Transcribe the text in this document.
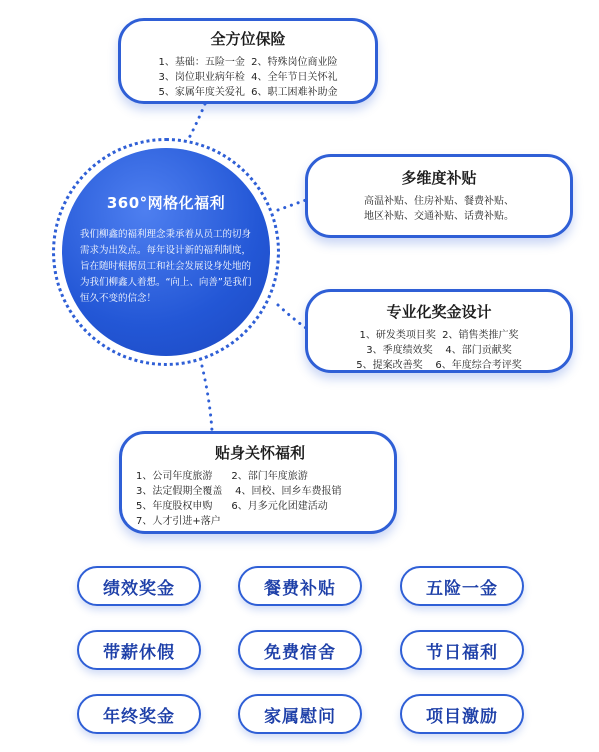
360°网格化福利
我们柳鑫的福利理念秉承着从员工的切身需求为出发点。每年设计新的福利制度，旨在随时根据员工和社会发展设身处地的为我们柳鑫人着想。“向上、向善”是我们恒久不变的信念！
全方位保险
1、基础：五险一金  2、特殊岗位商业险
3、岗位职业病年检  4、全年节日关怀礼
5、家属年度关爱礼  6、职工困难补助金
多维度补贴
高温补贴、住房补贴、餐费补贴、
地区补贴、交通补贴、话费补贴。
专业化奖金设计
1、研发类项目奖  2、销售类推广奖
3、季度绩效奖    4、部门贡献奖
5、提案改善奖    6、年度综合考评奖
贴身关怀福利
1、公司年度旅游      2、部门年度旅游
3、法定假期全覆盖    4、回校、回乡车费报销
5、年度股权申购      6、月多元化团建活动
7、人才引进+落户
绩效奖金	餐费补贴	五险一金
带薪休假	免费宿舍	节日福利
年终奖金	家属慰问	项目激励
